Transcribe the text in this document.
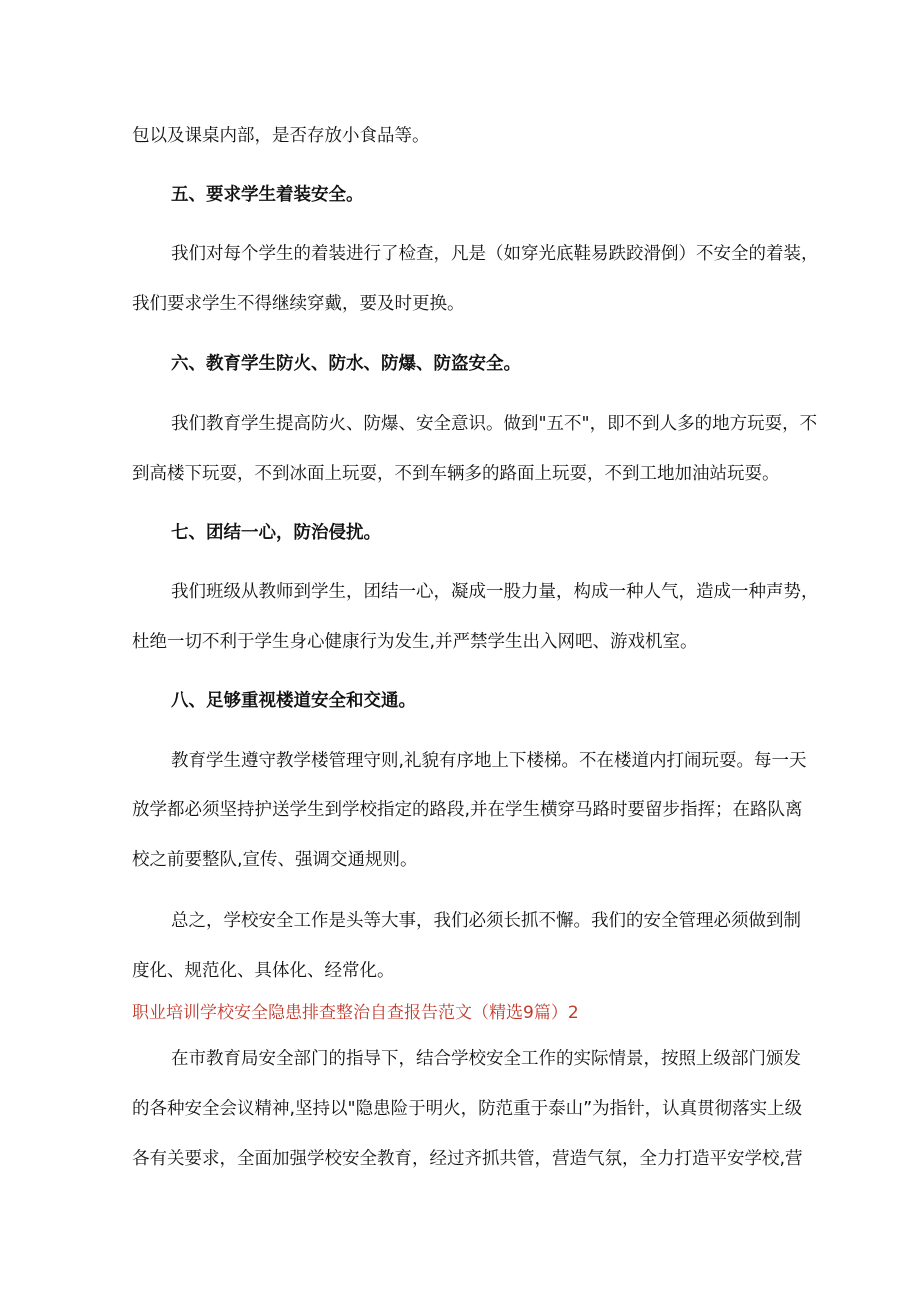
包以及课桌内部，是否存放小食品等。
五、要求学生着装安全。
我们对每个学生的着装进行了检查，凡是（如穿光底鞋易跌跤滑倒）不安全的着装，
我们要求学生不得继续穿戴，要及时更换。
六、教育学生防火、防水、防爆、防盗安全。
我们教育学生提高防火、防爆、安全意识。做到"五不"，即不到人多的地方玩耍，不
到高楼下玩耍，不到冰面上玩耍，不到车辆多的路面上玩耍，不到工地加油站玩耍。
七、团结一心，防治侵扰。
我们班级从教师到学生，团结一心，凝成一股力量，构成一种人气，造成一种声势，
杜绝一切不利于学生身心健康行为发生,并严禁学生出入网吧、游戏机室。
八、足够重视楼道安全和交通。
教育学生遵守教学楼管理守则,礼貌有序地上下楼梯。不在楼道内打闹玩耍。每一天
放学都必须坚持护送学生到学校指定的路段,并在学生横穿马路时要留步指挥；在路队离
校之前要整队,宣传、强调交通规则。
总之，学校安全工作是头等大事，我们必须长抓不懈。我们的安全管理必须做到制
度化、规范化、具体化、经常化。
职业培训学校安全隐患排查整治自查报告范文（精选9篇）2
在市教育局安全部门的指导下，结合学校安全工作的实际情景，按照上级部门颁发
的各种安全会议精神,坚持以"隐患险于明火，防范重于泰山”为指针，认真贯彻落实上级
各有关要求，全面加强学校安全教育，经过齐抓共管，营造气氛，全力打造平安学校,营
